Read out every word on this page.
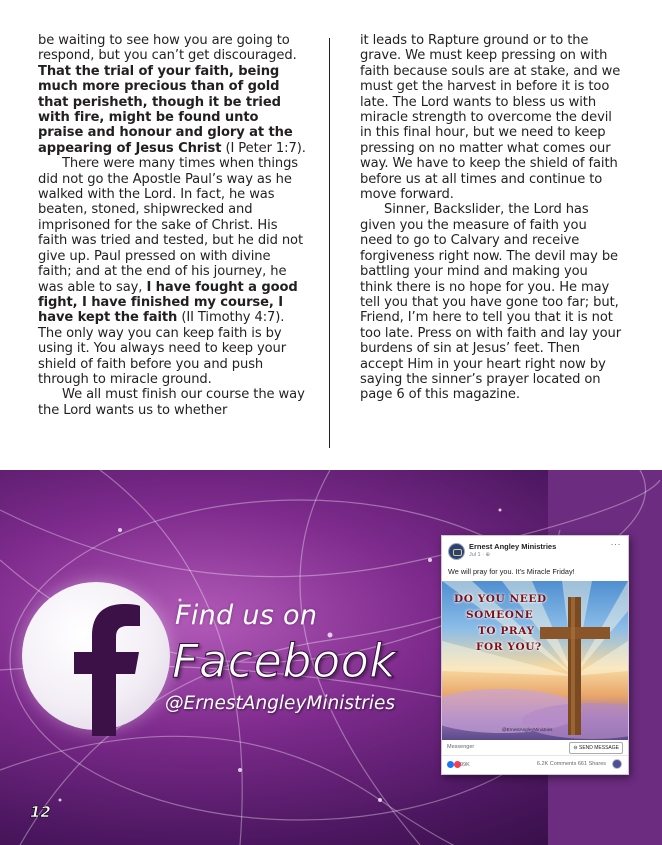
be waiting to see how you are going to respond, but you can’t get discouraged. That the trial of your faith, being much more precious than of gold that perisheth, though it be tried with fire, might be found unto praise and honour and glory at the appearing of Jesus Christ (I Peter 1:7).

There were many times when things did not go the Apostle Paul’s way as he walked with the Lord. In fact, he was beaten, stoned, shipwrecked and imprisoned for the sake of Christ. His faith was tried and tested, but he did not give up. Paul pressed on with divine faith; and at the end of his journey, he was able to say, I have fought a good fight, I have finished my course, I have kept the faith (II Timothy 4:7). The only way you can keep faith is by using it. You always need to keep your shield of faith before you and push through to miracle ground.

We all must finish our course the way the Lord wants us to whether

it leads to Rapture ground or to the grave. We must keep pressing on with faith because souls are at stake, and we must get the harvest in before it is too late. The Lord wants to bless us with miracle strength to overcome the devil in this final hour, but we need to keep pressing on no matter what comes our way. We have to keep the shield of faith before us at all times and continue to move forward.

Sinner, Backslider, the Lord has given you the measure of faith you need to go to Calvary and receive forgiveness right now. The devil may be battling your mind and making you think there is no hope for you. He may tell you that you have gone too far; but, Friend, I’m here to tell you that it is not too late. Press on with faith and lay your burdens of sin at Jesus’ feet. Then accept Him in your heart right now by saying the sinner’s prayer located on page 6 of this magazine.

Find us on
Facebook
@ErnestAngleyMinistries
12
Ernest Angley Ministries
Jul 1 · ⊕
···
We will pray for you. It’s Miracle Friday!
DO YOU NEED
SOMEONE
TO PRAY
FOR YOU?
@ErnestAngleyMinistries
Messenger	⊖ SEND MESSAGE
99K	6.2K Comments 661 Shares
